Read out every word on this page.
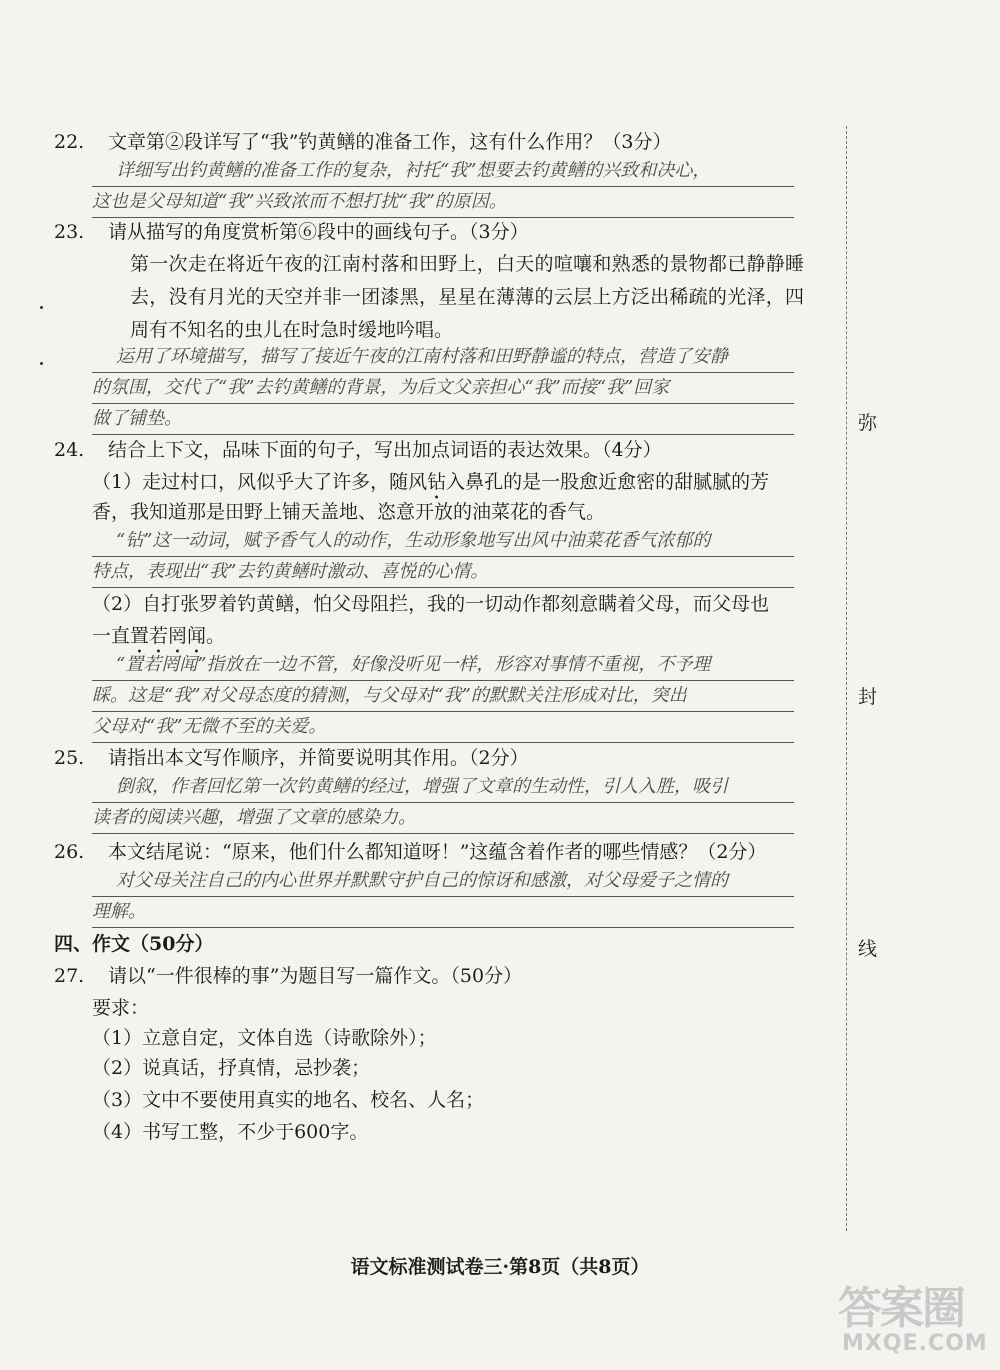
22. 文章第②段详写了“我”钓黄鳝的准备工作，这有什么作用？（3分）
详细写出钓黄鳝的准备工作的复杂，衬托“我”想要去钓黄鳝的兴致和决心，
这也是父母知道“我”兴致浓而不想打扰“我”的原因。
23. 请从描写的角度赏析第⑥段中的画线句子。（3分）
第一次走在将近午夜的江南村落和田野上，白天的喧嚷和熟悉的景物都已静静睡去，没有月光的天空并非一团漆黑，星星在薄薄的云层上方泛出稀疏的光泽，四周有不知名的虫儿在时急时缓地吟唱。
运用了环境描写，描写了接近午夜的江南村落和田野静谧的特点，营造了安静
的氛围，交代了“我”去钓黄鳝的背景，为后文父亲担心“我”而接“我”回家
做了铺垫。
24. 结合上下文，品味下面的句子，写出加点词语的表达效果。（4分）
（1）走过村口，风似乎大了许多，随风钻入鼻孔的是一股愈近愈密的甜腻腻的芳
香，我知道那是田野上铺天盖地、恣意开放的油菜花的香气。
“钻”这一动词，赋予香气人的动作，生动形象地写出风中油菜花香气浓郁的
特点，表现出“我”去钓黄鳝时激动、喜悦的心情。
（2）自打张罗着钓黄鳝，怕父母阻拦，我的一切动作都刻意瞒着父母，而父母也
一直置若罔闻。
“置若罔闻”指放在一边不管，好像没听见一样，形容对事情不重视，不予理
睬。这是“我”对父母态度的猜测，与父母对“我”的默默关注形成对比，突出
父母对“我”无微不至的关爱。
25. 请指出本文写作顺序，并简要说明其作用。（2分）
倒叙，作者回忆第一次钓黄鳝的经过，增强了文章的生动性，引人入胜，吸引
读者的阅读兴趣，增强了文章的感染力。
26. 本文结尾说：“原来，他们什么都知道呀！”这蕴含着作者的哪些情感？（2分）
对父母关注自己的内心世界并默默守护自己的惊讶和感激，对父母爱子之情的
理解。
四、作文（50分）
27. 请以“一件很棒的事”为题目写一篇作文。（50分）
要求：
（1）立意自定，文体自选（诗歌除外）；
（2）说真话，抒真情，忌抄袭；
（3）文中不要使用真实的地名、校名、人名；
（4）书写工整，不少于600字。
弥
封
线
语文标准测试卷三·第8页（共8页）
答案圈
MXQE.COM
